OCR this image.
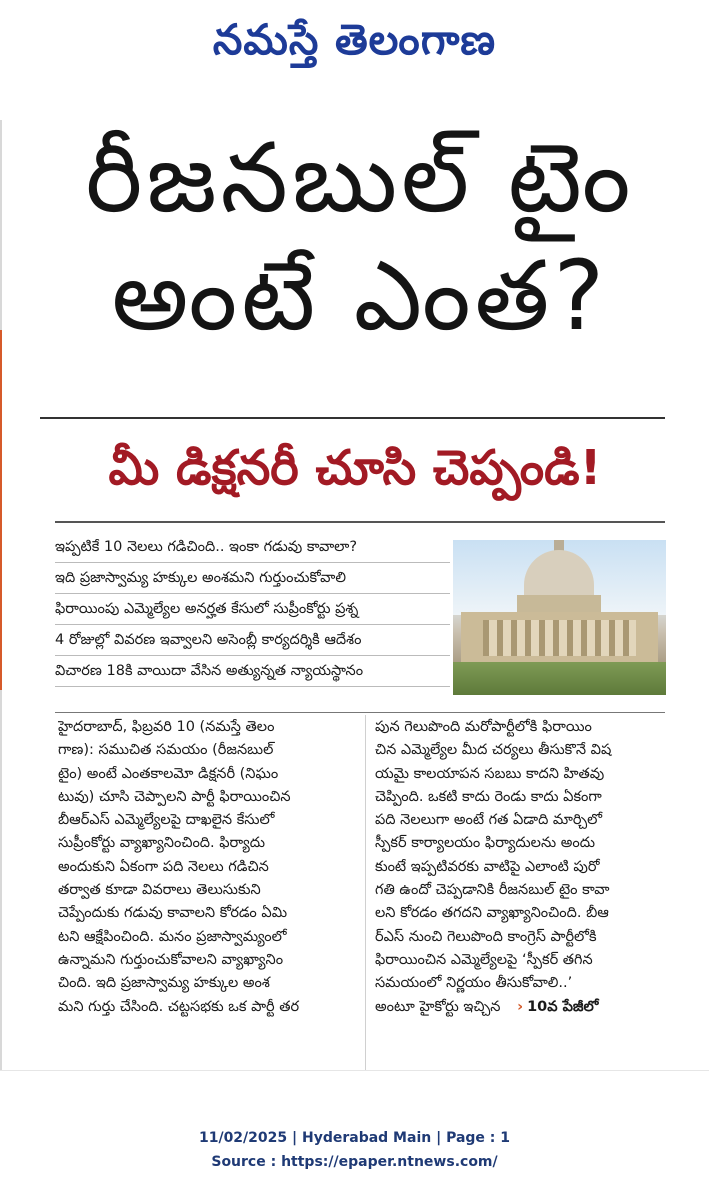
నమస్తే తెలంగాణ
రీజనబుల్ టైం
అంటే ఎంత?
మీ డిక్షనరీ చూసి చెప్పండి!
ఇప్పటికే 10 నెలలు గడిచింది.. ఇంకా గడువు కావాలా?
ఇది ప్రజాస్వామ్య హక్కుల అంశమని గుర్తుంచుకోవాలి
ఫిరాయింపు ఎమ్మెల్యేల అనర్హత కేసులో సుప్రీంకోర్టు ప్రశ్న
4 రోజుల్లో వివరణ ఇవ్వాలని అసెంబ్లీ కార్యదర్శికి ఆదేశం
విచారణ 18కి వాయిదా వేసిన అత్యున్నత న్యాయస్థానం
హైదరాబాద్, ఫిబ్రవరి 10 (నమస్తే తెలం
గాణ): సముచిత సమయం (రీజనబుల్
టైం) అంటే ఎంతకాలమో డిక్షనరీ (నిఘం
టువు) చూసి చెప్పాలని పార్టీ ఫిరాయించిన
బీఆర్‌ఎస్ ఎమ్మెల్యేలపై దాఖలైన కేసులో
సుప్రీంకోర్టు వ్యాఖ్యానించింది. ఫిర్యాదు
అందుకుని ఏకంగా పది నెలలు గడిచిన
తర్వాత కూడా వివరాలు తెలుసుకుని
చెప్పేందుకు గడువు కావాలని కోరడం ఏమి
టని ఆక్షేపించింది. మనం ప్రజాస్వామ్యంలో
ఉన్నామని గుర్తుంచుకోవాలని వ్యాఖ్యానిం
చింది. ఇది ప్రజాస్వామ్య హక్కుల అంశ
మని గుర్తు చేసింది. చట్టసభకు ఒక పార్టీ తర
పున గెలుపొంది మరోపార్టీలోకి ఫిరాయిం
చిన ఎమ్మెల్యేల మీద చర్యలు తీసుకొనే విష
యమై కాలయాపన సబబు కాదని హితవు
చెప్పింది. ఒకటి కాదు రెండు కాదు ఏకంగా
పది నెలలుగా అంటే గత ఏడాది మార్చిలో
స్పీకర్ కార్యాలయం ఫిర్యాదులను అందు
కుంటే ఇప్పటివరకు వాటిపై ఎలాంటి పురో
గతి ఉందో చెప్పడానికి రీజనబుల్ టైం కావా
లని కోరడం తగదని వ్యాఖ్యానించింది. బీఆ
ర్‌ఎస్ నుంచి గెలుపొంది కాంగ్రెస్ పార్టీలోకి
ఫిరాయించిన ఎమ్మెల్యేలపై ‘స్పీకర్ తగిన
సమయంలో నిర్ణయం తీసుకోవాలి..’
అంటూ హైకోర్టు ఇచ్చిన › 10వ పేజీలో
11/02/2025 | Hyderabad Main | Page : 1
Source : https://epaper.ntnews.com/
